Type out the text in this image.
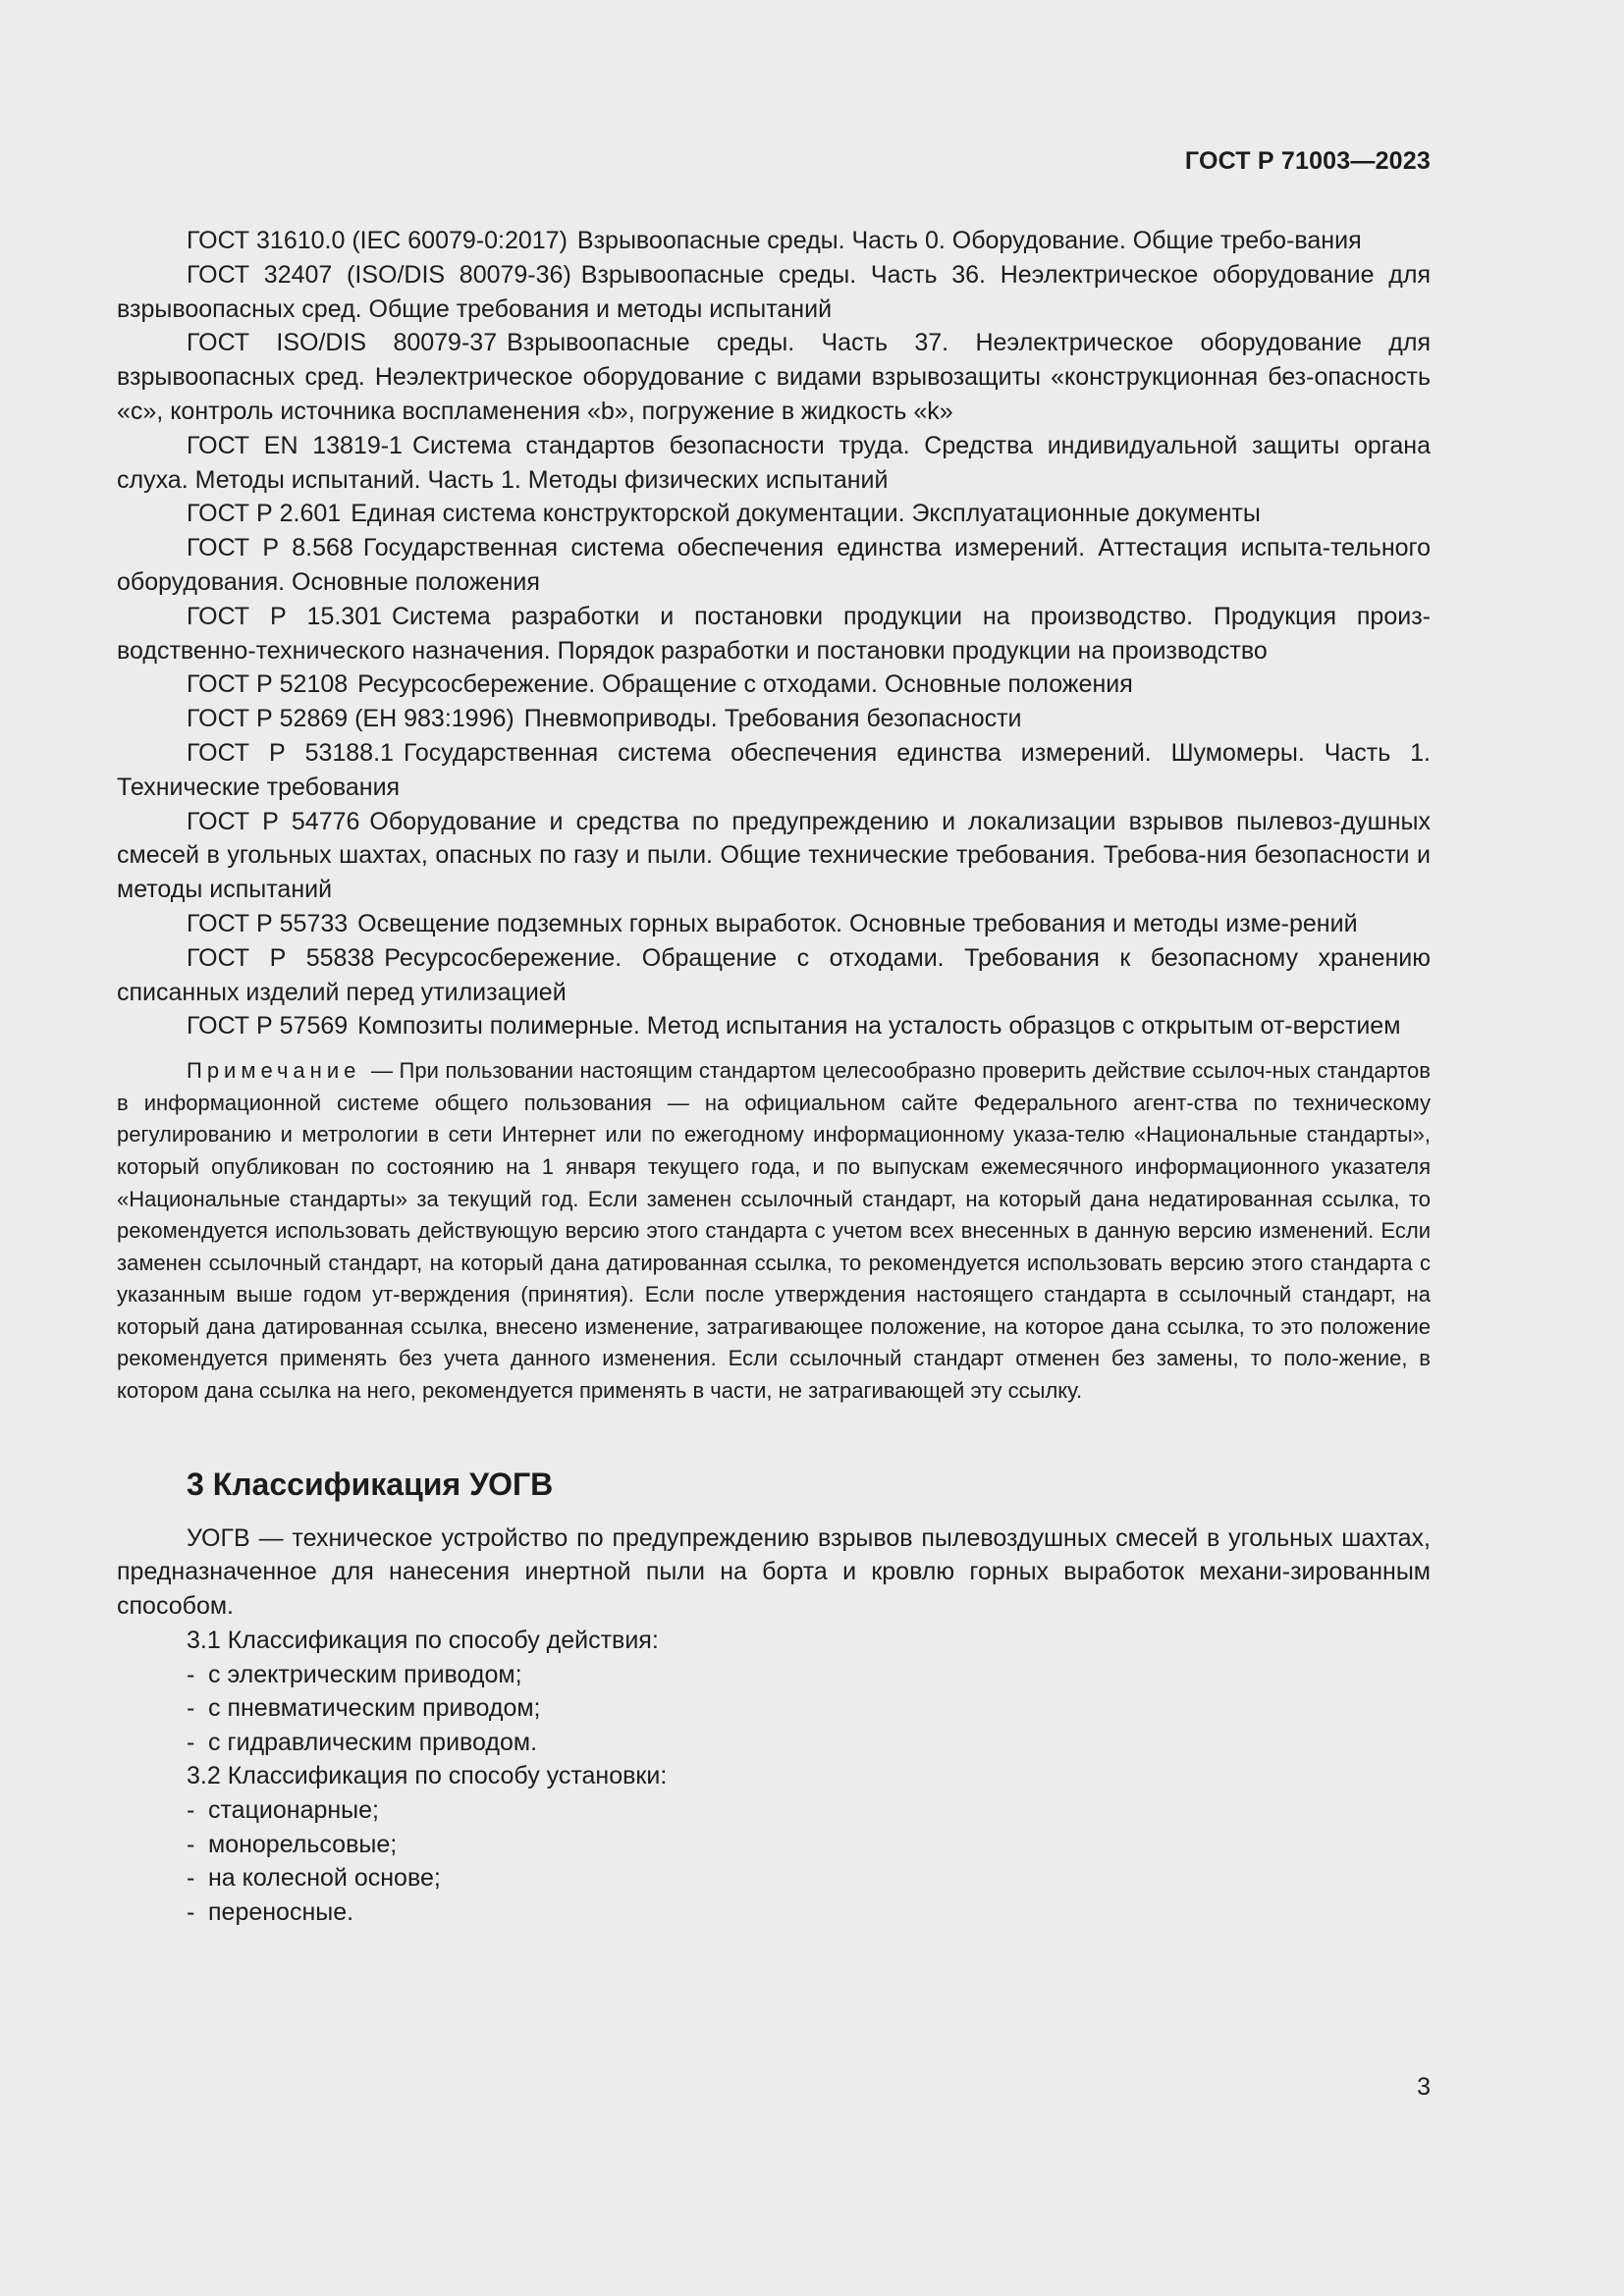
ГОСТ Р 71003—2023

ГОСТ 31610.0 (IEC 60079-0:2017) Взрывоопасные среды. Часть 0. Оборудование. Общие требо-вания

ГОСТ 32407 (ISO/DIS 80079-36) Взрывоопасные среды. Часть 36. Неэлектрическое оборудование для взрывоопасных сред. Общие требования и методы испытаний

ГОСТ ISO/DIS 80079-37 Взрывоопасные среды. Часть 37. Неэлектрическое оборудование для взрывоопасных сред. Неэлектрическое оборудование с видами взрывозащиты «конструкционная без-опасность «с», контроль источника воспламенения «b», погружение в жидкость «k»

ГОСТ EN 13819-1 Система стандартов безопасности труда. Средства индивидуальной защиты органа слуха. Методы испытаний. Часть 1. Методы физических испытаний

ГОСТ Р 2.601 Единая система конструкторской документации. Эксплуатационные документы

ГОСТ Р 8.568 Государственная система обеспечения единства измерений. Аттестация испыта-тельного оборудования. Основные положения

ГОСТ Р 15.301 Система разработки и постановки продукции на производство. Продукция произ-водственно-технического назначения. Порядок разработки и постановки продукции на производство

ГОСТ Р 52108 Ресурсосбережение. Обращение с отходами. Основные положения

ГОСТ Р 52869 (ЕН 983:1996) Пневмоприводы. Требования безопасности

ГОСТ Р 53188.1 Государственная система обеспечения единства измерений. Шумомеры. Часть 1. Технические требования

ГОСТ Р 54776 Оборудование и средства по предупреждению и локализации взрывов пылевоз-душных смесей в угольных шахтах, опасных по газу и пыли. Общие технические требования. Требова-ния безопасности и методы испытаний

ГОСТ Р 55733 Освещение подземных горных выработок. Основные требования и методы изме-рений

ГОСТ Р 55838 Ресурсосбережение. Обращение с отходами. Требования к безопасному хранению списанных изделий перед утилизацией

ГОСТ Р 57569 Композиты полимерные. Метод испытания на усталость образцов с открытым от-верстием

Примечание — При пользовании настоящим стандартом целесообразно проверить действие ссылоч-ных стандартов в информационной системе общего пользования — на официальном сайте Федерального агент-ства по техническому регулированию и метрологии в сети Интернет или по ежегодному информационному указа-телю «Национальные стандарты», который опубликован по состоянию на 1 января текущего года, и по выпускам ежемесячного информационного указателя «Национальные стандарты» за текущий год. Если заменен ссылочный стандарт, на который дана недатированная ссылка, то рекомендуется использовать действующую версию этого стандарта с учетом всех внесенных в данную версию изменений. Если заменен ссылочный стандарт, на который дана датированная ссылка, то рекомендуется использовать версию этого стандарта с указанным выше годом ут-верждения (принятия). Если после утверждения настоящего стандарта в ссылочный стандарт, на который дана датированная ссылка, внесено изменение, затрагивающее положение, на которое дана ссылка, то это положение рекомендуется применять без учета данного изменения. Если ссылочный стандарт отменен без замены, то поло-жение, в котором дана ссылка на него, рекомендуется применять в части, не затрагивающей эту ссылку.
3 Классификация УОГВ
УОГВ — техническое устройство по предупреждению взрывов пылевоздушных смесей в угольных шахтах, предназначенное для нанесения инертной пыли на борта и кровлю горных выработок механи-зированным способом.
3.1 Классификация по способу действия:
- с электрическим приводом;
- с пневматическим приводом;
- с гидравлическим приводом.
3.2 Классификация по способу установки:
- стационарные;
- монорельсовые;
- на колесной основе;
- переносные.
3
